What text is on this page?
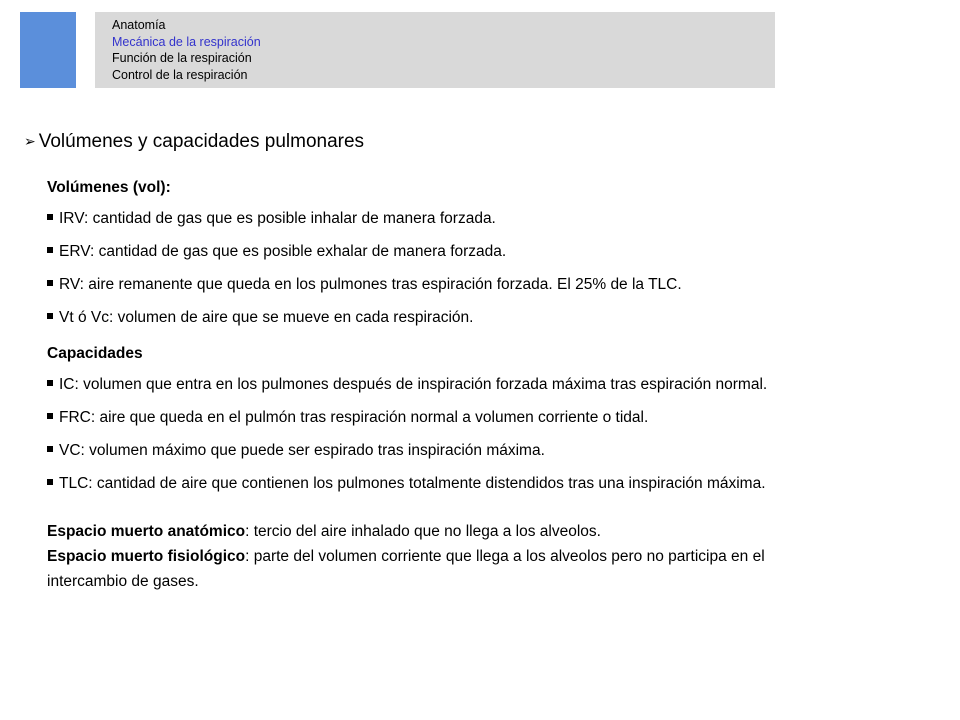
Anatomía
Mecánica de la respiración
Función de la respiración
Control de la respiración
➢ Volúmenes y capacidades pulmonares
Volúmenes (vol):
IRV: cantidad de gas que es posible inhalar de manera forzada.
ERV: cantidad de gas que es posible exhalar de manera forzada.
RV: aire remanente que queda en los pulmones tras espiración forzada. El 25% de la TLC.
Vt ó Vc: volumen de aire que se mueve en cada respiración.
Capacidades
IC: volumen que entra en los pulmones después de inspiración forzada máxima tras espiración normal.
FRC: aire que queda en el pulmón tras respiración normal a volumen corriente o tidal.
VC: volumen máximo que puede ser espirado tras inspiración máxima.
TLC: cantidad de aire que contienen los pulmones totalmente distendidos tras una inspiración máxima.
Espacio muerto anatómico: tercio del aire inhalado que no llega a los alveolos.
Espacio muerto fisiológico: parte del volumen corriente que llega a los alveolos pero no participa en el
intercambio de gases.
